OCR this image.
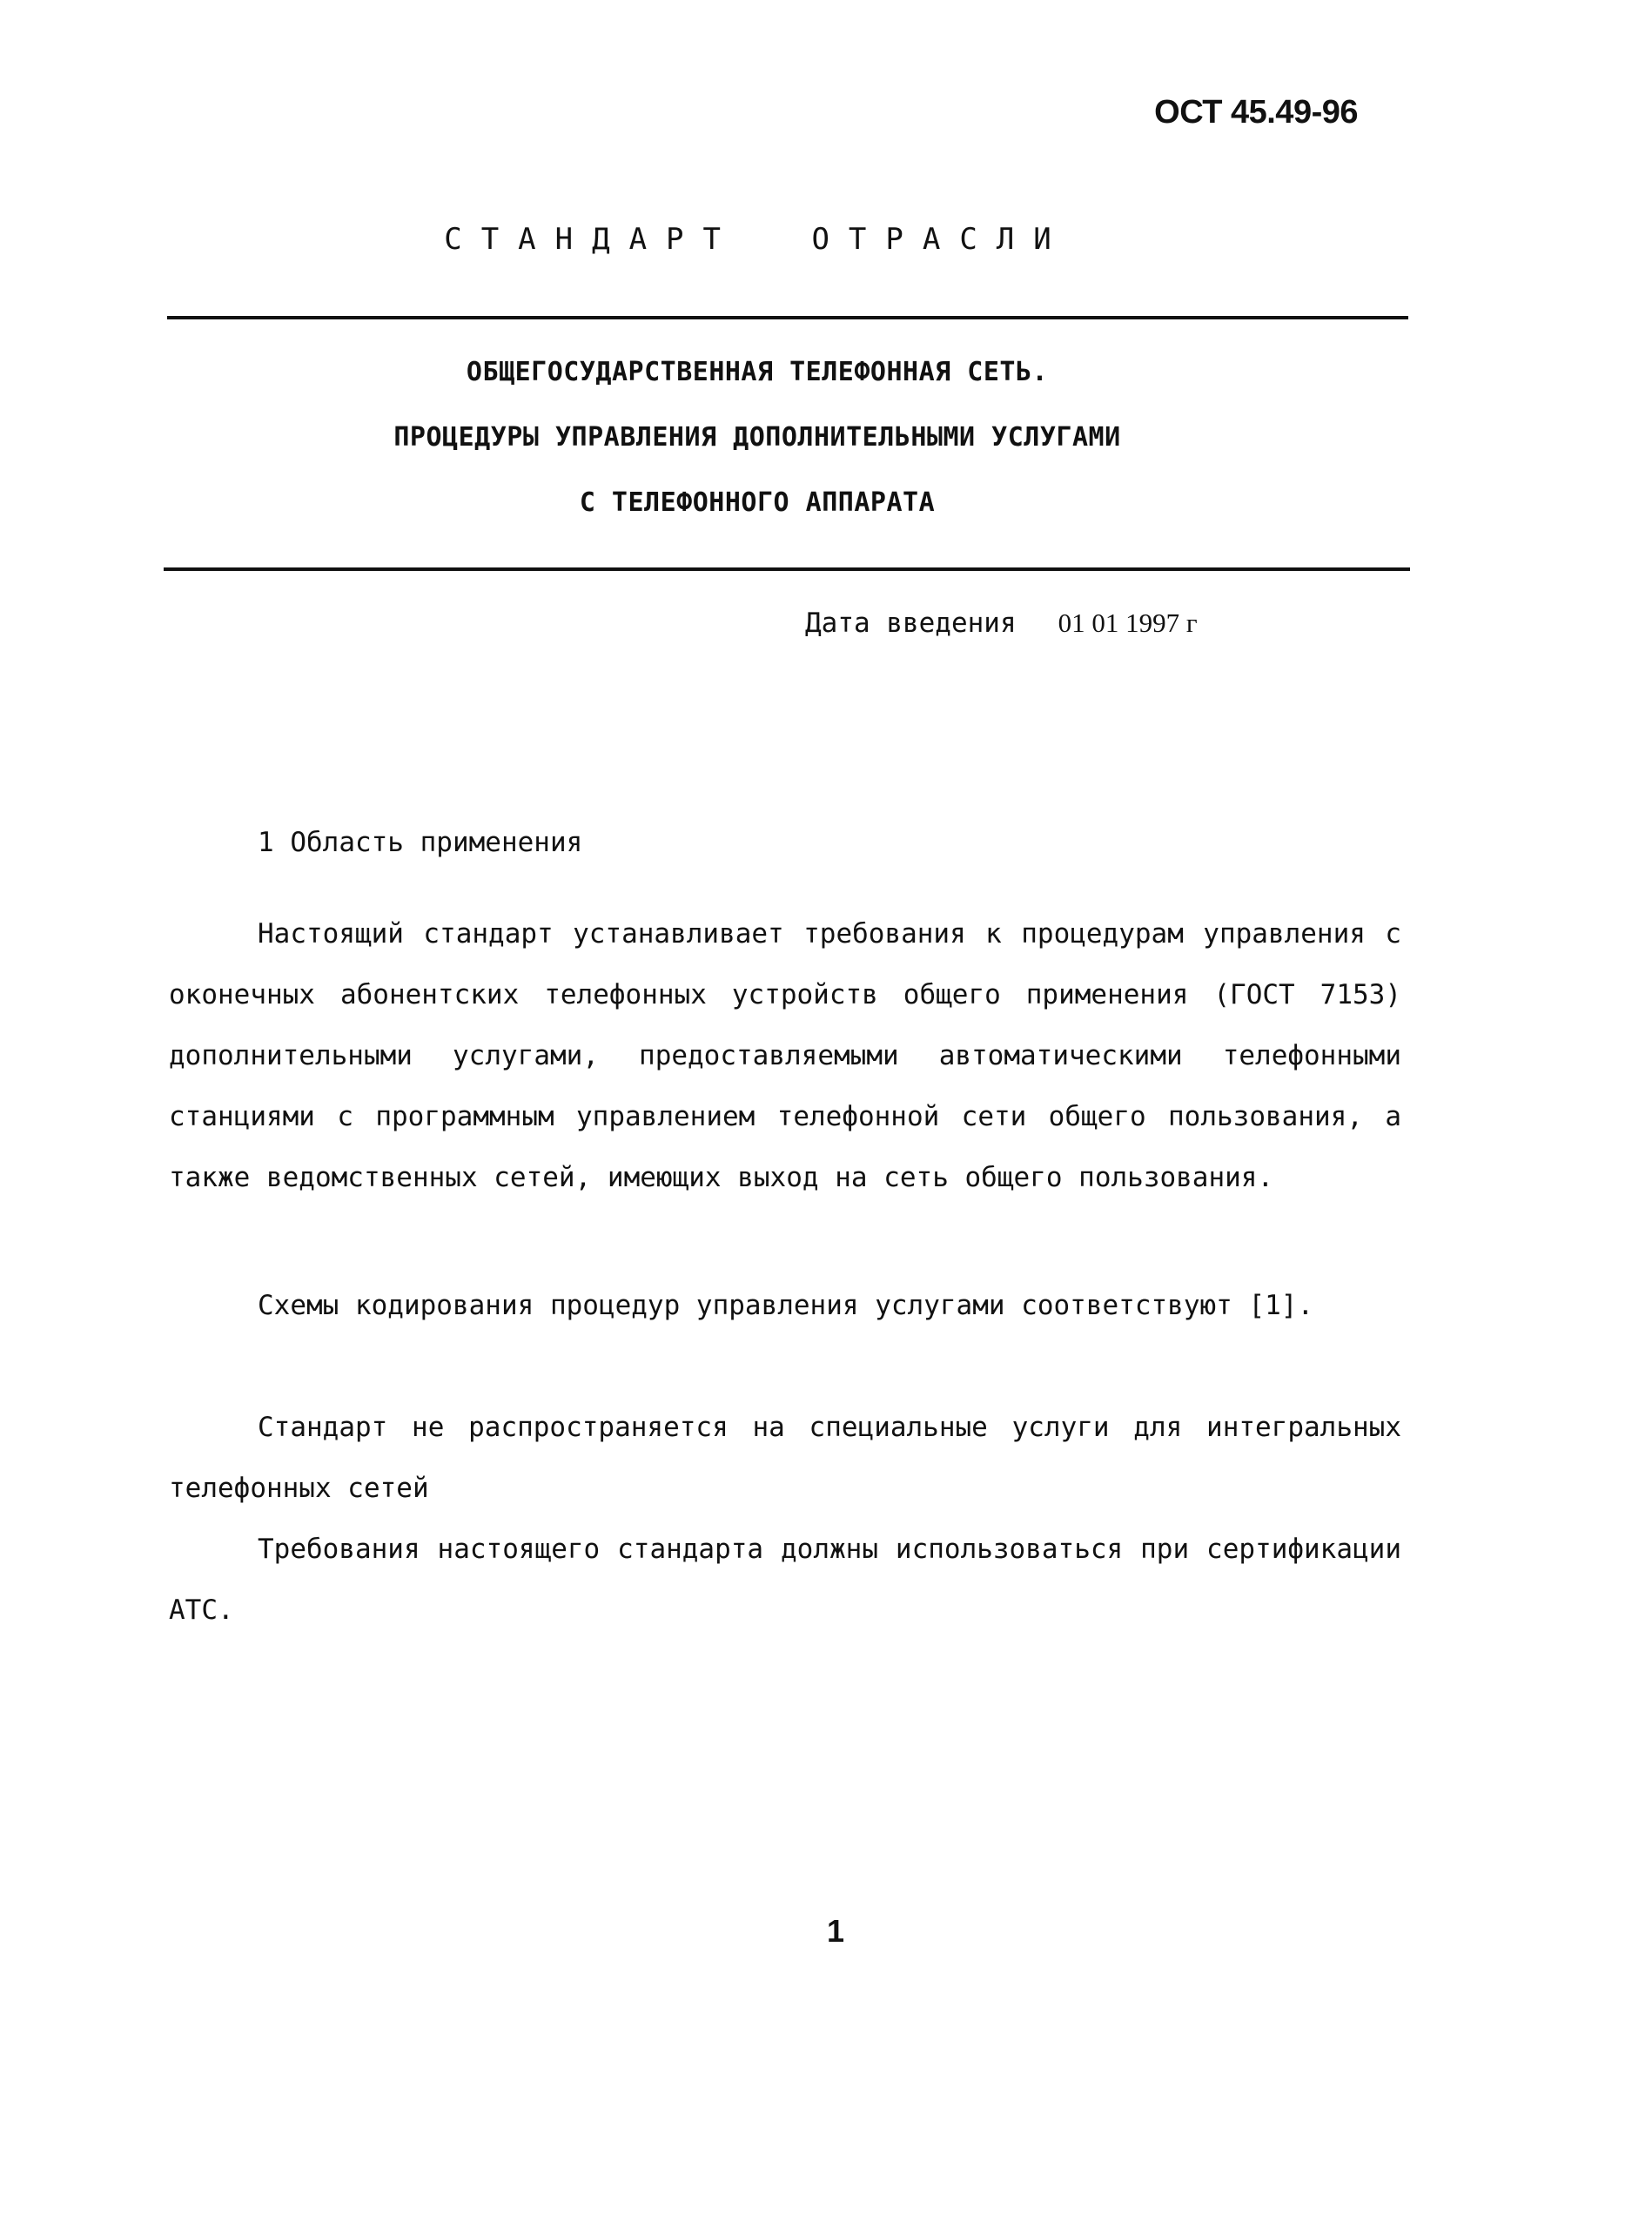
ОСТ 45.49-96
СТАНДАРТ ОТРАСЛИ
ОБЩЕГОСУДАРСТВЕННАЯ ТЕЛЕФОННАЯ СЕТЬ.
ПРОЦЕДУРЫ УПРАВЛЕНИЯ ДОПОЛНИТЕЛЬНЫМИ УСЛУГАМИ
С ТЕЛЕФОННОГО АППАРАТА
Дата введения 01 01 1997 г
1 Область применения

Настоящий стандарт устанавливает требования к процедурам управления с оконечных абонентских телефонных устройств общего применения (ГОСТ 7153) дополнительными услугами, предоставляемыми автоматическими телефонными станциями с программным управлением телефонной сети общего пользования, а также ведомственных сетей, имеющих выход на сеть общего пользования.

Схемы кодирования процедур управления услугами соответствуют [1].

Стандарт не распространяется на специальные услуги для интегральных телефонных сетей

Требования настоящего стандарта должны использоваться при сертификации АТС.

1
